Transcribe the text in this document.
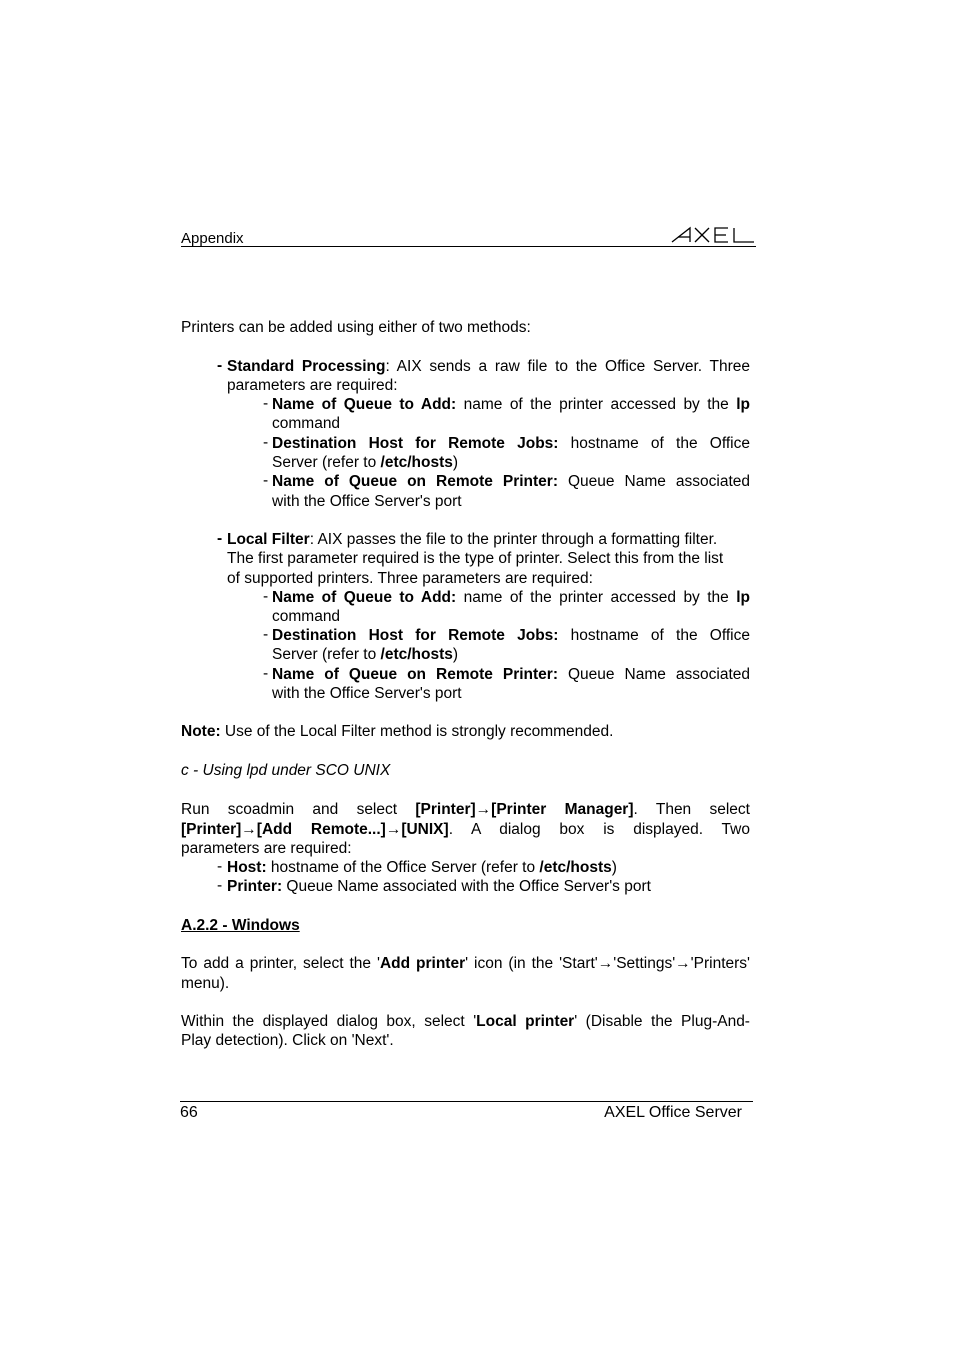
Appendix
Printers can be added using either of two methods:
- Standard Processing: AIX sends a raw file to the Office Server. Three
parameters are required:
- Name of Queue to Add: name of the printer accessed by the lp
command
- Destination Host for Remote Jobs: hostname of the Office
Server (refer to /etc/hosts)
- Name of Queue on Remote Printer: Queue Name associated
with the Office Server's port
- Local Filter: AIX passes the file to the printer through a formatting filter.
The first parameter required is the type of printer. Select this from the list
of supported printers. Three parameters are required:
- Name of Queue to Add: name of the printer accessed by the lp
command
- Destination Host for Remote Jobs: hostname of the Office
Server (refer to /etc/hosts)
- Name of Queue on Remote Printer: Queue Name associated
with the Office Server's port
Note: Use of the Local Filter method is strongly recommended.
c - Using lpd under SCO UNIX
Run scoadmin and select [Printer]→[Printer Manager]. Then select
[Printer]→[Add Remote...]→[UNIX]. A dialog box is displayed. Two
parameters are required:
- Host: hostname of the Office Server (refer to /etc/hosts)
- Printer: Queue Name associated with the Office Server's port
A.2.2 - Windows
To add a printer, select the 'Add printer' icon (in the 'Start'→'Settings'→'Printers'
menu).
Within the displayed dialog box, select 'Local printer' (Disable the Plug-And-
Play detection). Click on 'Next'.
66	AXEL Office Server
